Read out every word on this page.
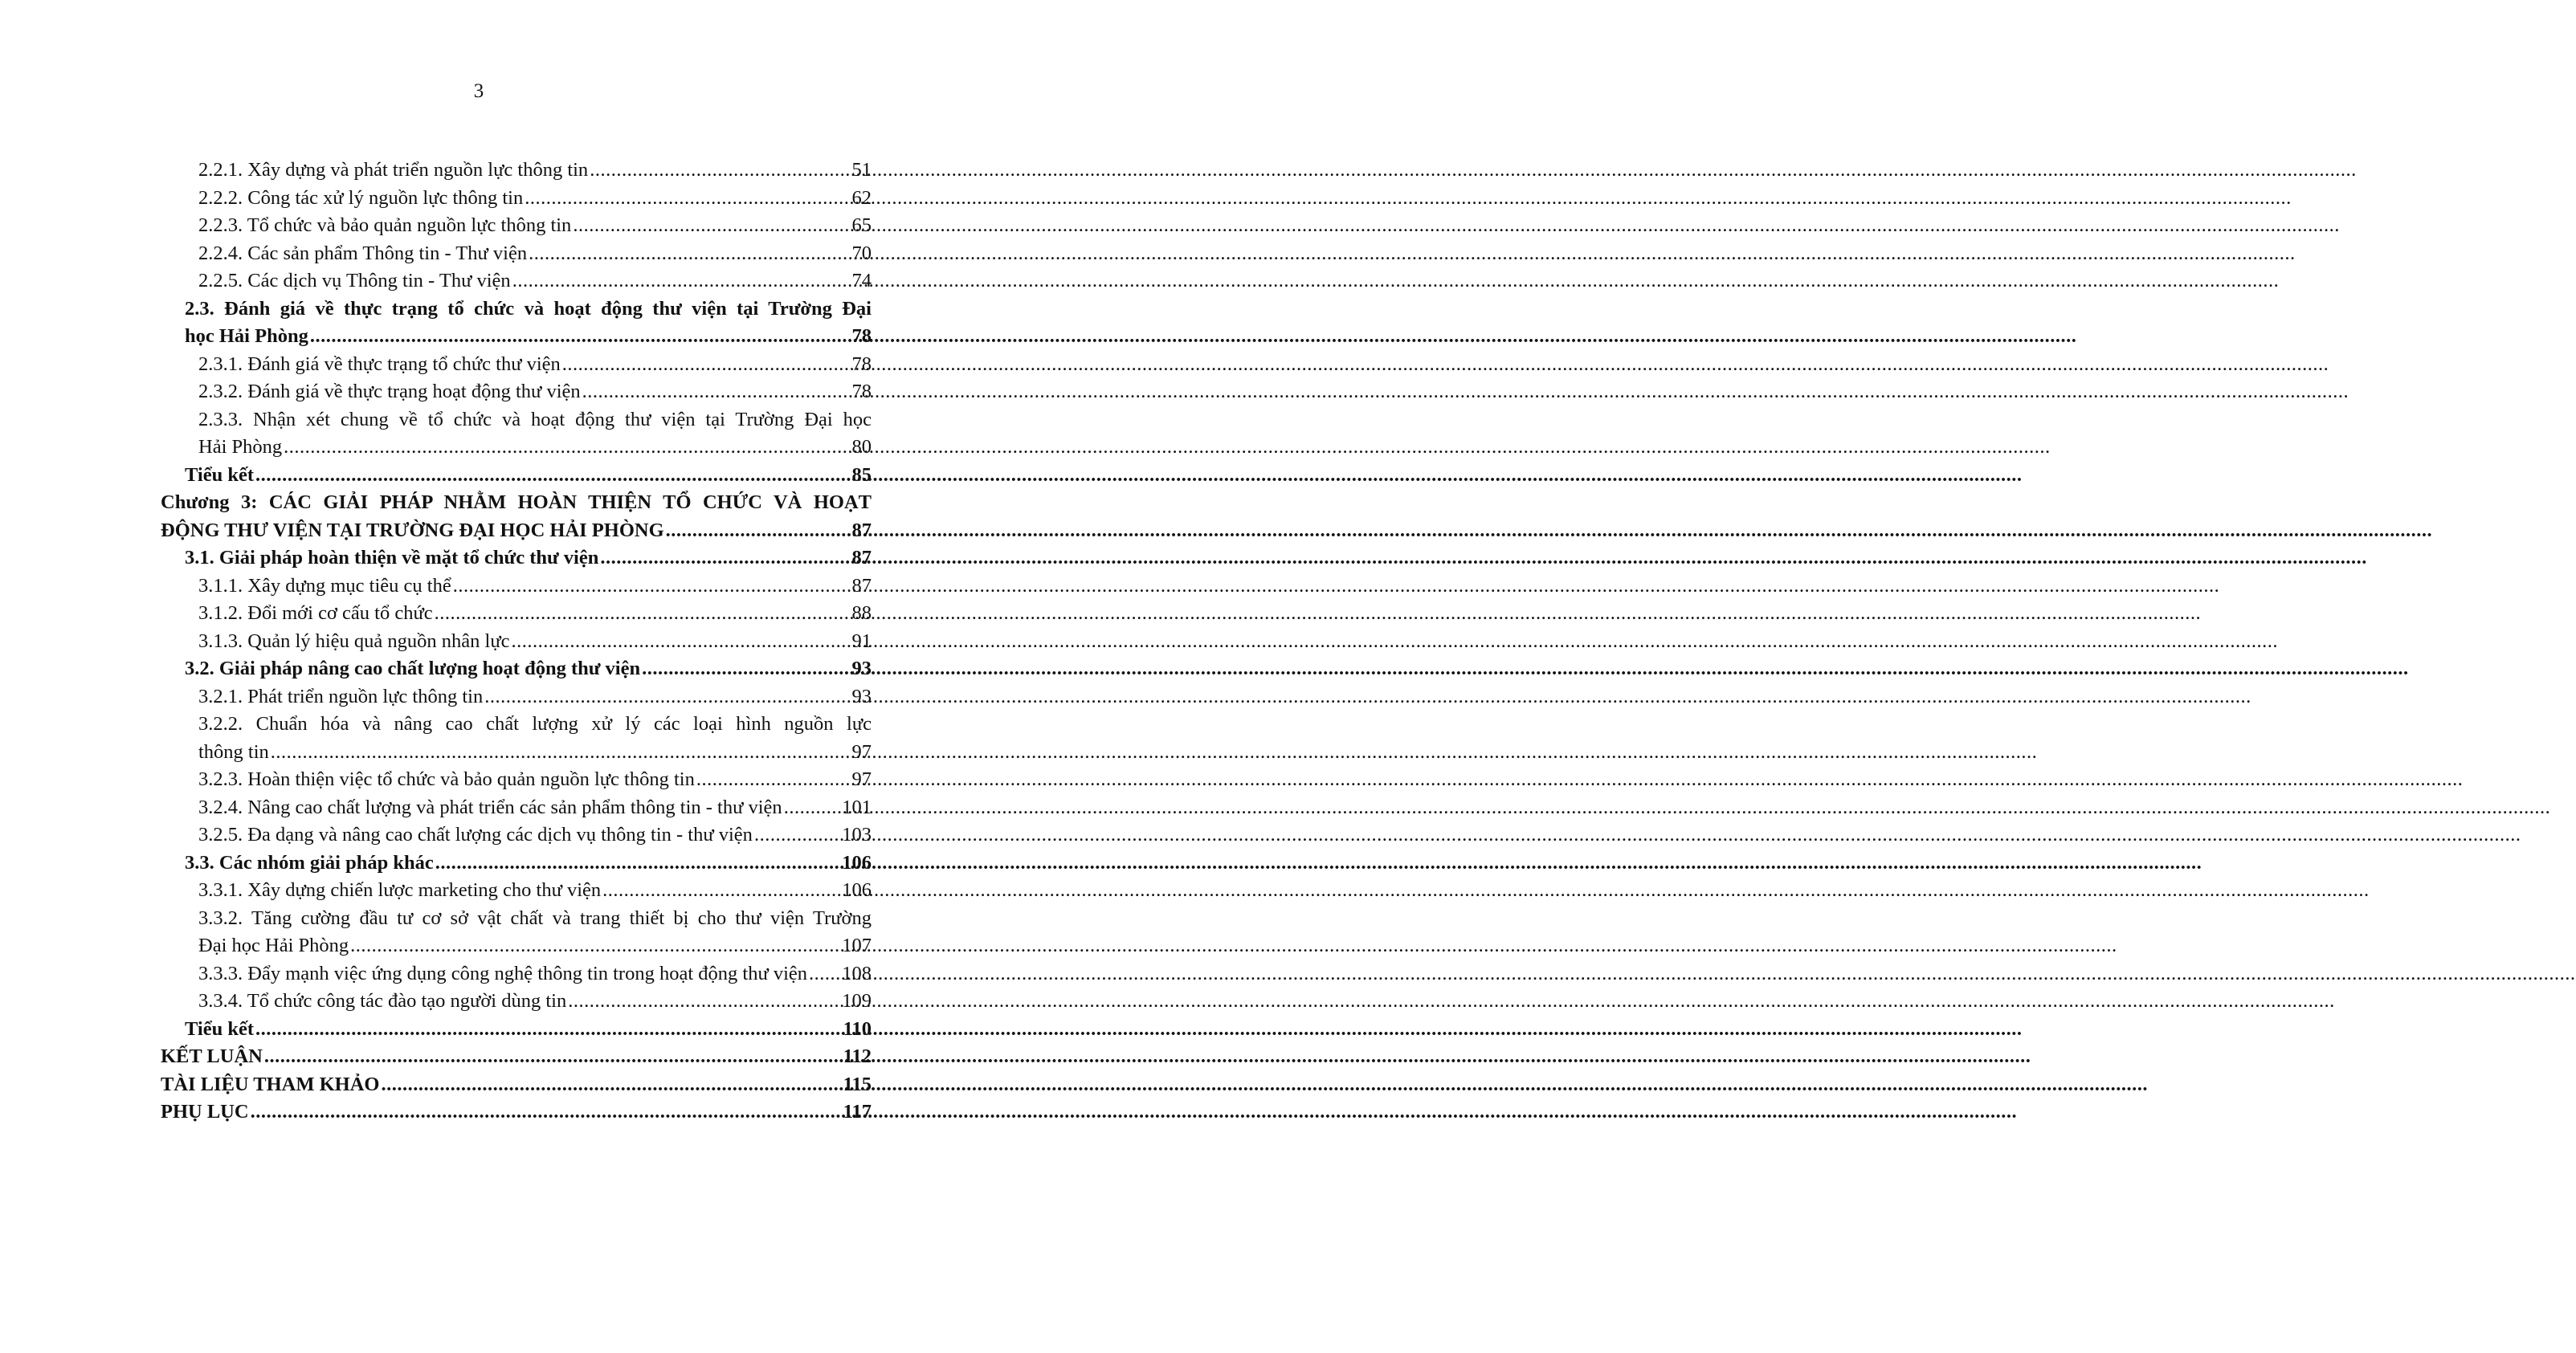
3
2.2.1. Xây dựng và phát triển nguồn lực thông tin .....	51
2.2.2. Công tác xử lý nguồn lực thông tin .....	62
2.2.3. Tổ chức và bảo quản nguồn lực thông tin .....	65
2.2.4. Các sản phẩm Thông tin - Thư viện .....	70
2.2.5. Các dịch vụ Thông tin - Thư viện .....	74
2.3. Đánh giá về thực trạng tổ chức và hoạt động thư viện tại Trường Đại
học Hải Phòng .....	78
2.3.1. Đánh giá về thực trạng tổ chức thư viện .....	78
2.3.2. Đánh giá về thực trạng hoạt động thư viện .....	78
2.3.3. Nhận xét chung về tổ chức và hoạt động thư viện tại Trường Đại học
Hải Phòng .....	80
Tiểu kết .....	85
Chương 3: CÁC GIẢI PHÁP NHẰM HOÀN THIỆN TỔ CHỨC VÀ HOẠT
ĐỘNG THƯ VIỆN TẠI TRƯỜNG ĐẠI HỌC HẢI PHÒNG .....	87
3.1. Giải pháp hoàn thiện về mặt tổ chức thư viện .....	87
3.1.1. Xây dựng mục tiêu cụ thể .....	87
3.1.2. Đổi mới cơ cấu tổ chức .....	88
3.1.3. Quản lý hiệu quả nguồn nhân lực .....	91
3.2. Giải pháp nâng cao chất lượng hoạt động thư viện .....	93
3.2.1. Phát triển nguồn lực thông tin .....	93
3.2.2. Chuẩn hóa và nâng cao chất lượng xử lý các loại hình nguồn lực
thông tin .....	97
3.2.3. Hoàn thiện việc tổ chức và bảo quản nguồn lực thông tin .....	97
3.2.4. Nâng cao chất lượng và phát triển các sản phẩm thông tin - thư viện .....	101
3.2.5. Đa dạng và nâng cao chất lượng các dịch vụ thông tin - thư viện .....	103
3.3. Các nhóm giải pháp khác .....	106
3.3.1. Xây dựng chiến lược marketing cho thư viện .....	106
3.3.2. Tăng cường đầu tư cơ sở vật chất và trang thiết bị cho thư viện Trường
Đại học Hải Phòng .....	107
3.3.3. Đẩy mạnh việc ứng dụng công nghệ thông tin trong hoạt động thư viện ..... 108
3.3.4. Tổ chức công tác đào tạo người dùng tin .....	109
Tiểu kết .....	110
KẾT LUẬN .....	112
TÀI LIỆU THAM KHẢO .....	115
PHỤ LỤC .....	117
